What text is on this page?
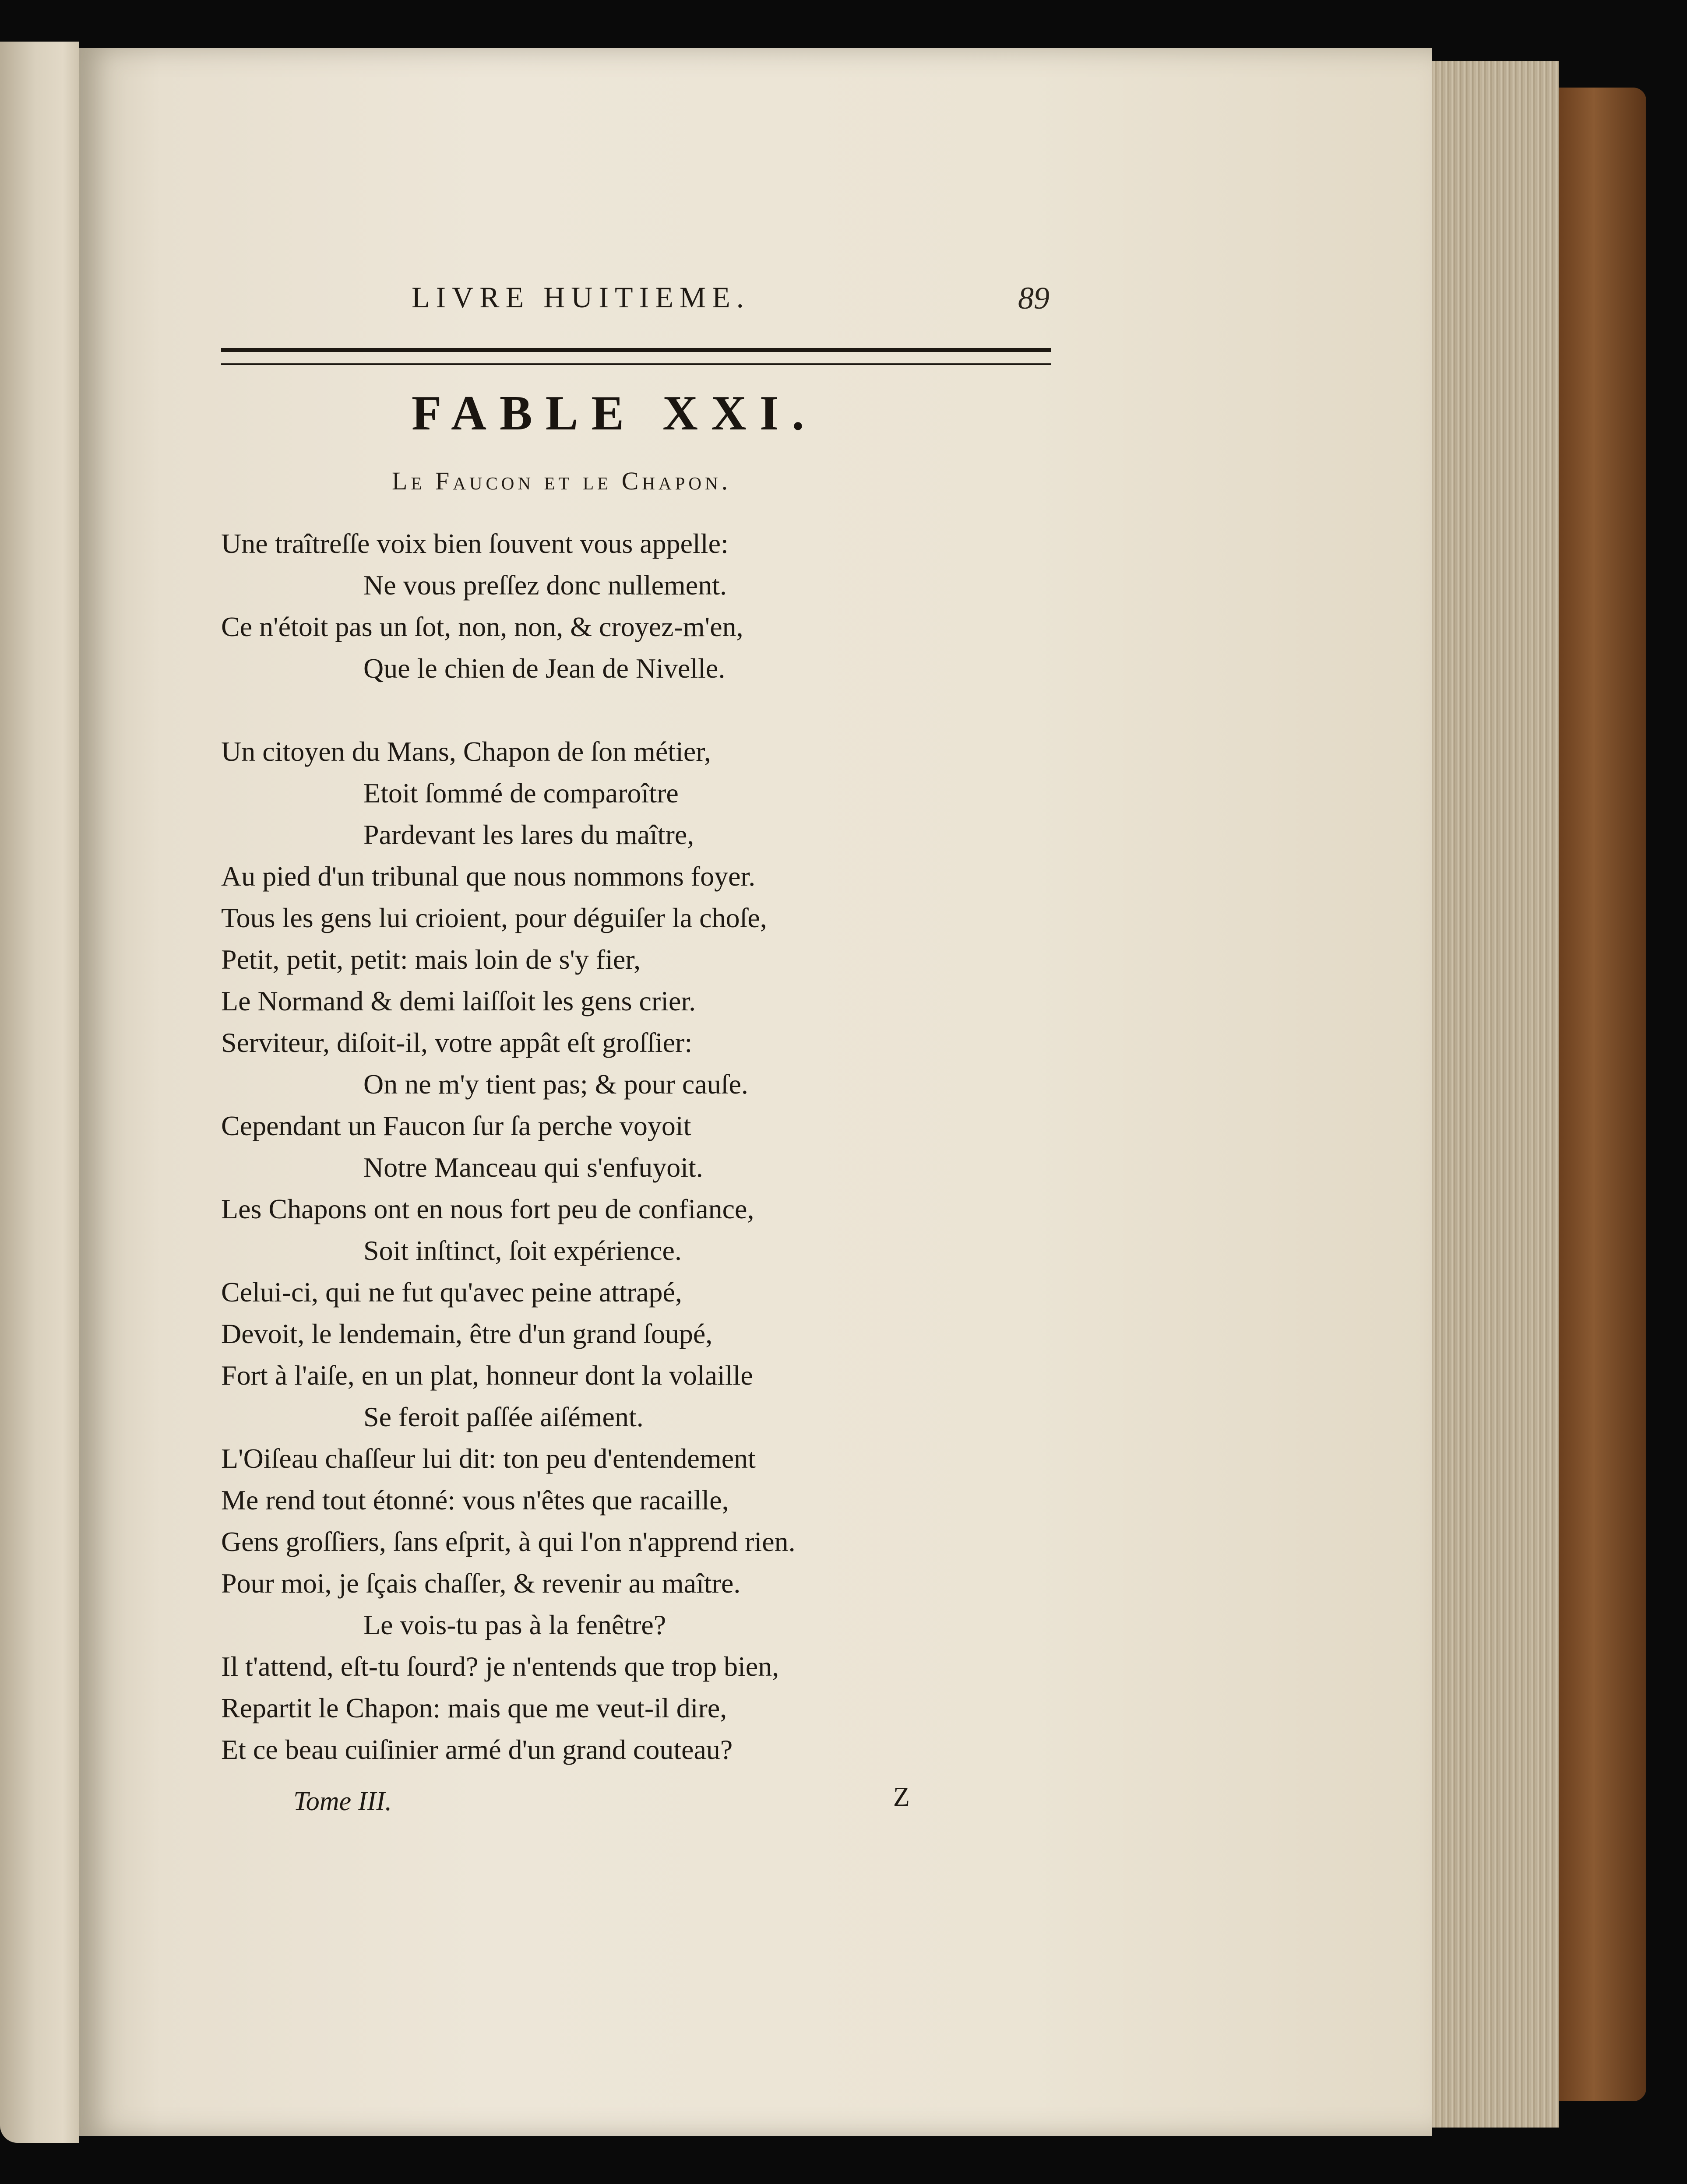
LIVRE HUITIEME.	89
FABLE XXI.
Le Faucon et le Chapon.
Une traîtreſſe voix bien ſouvent vous appelle:
Ne vous preſſez donc nullement.
Ce n'étoit pas un ſot, non, non, & croyez-m'en,
Que le chien de Jean de Nivelle.
Un citoyen du Mans, Chapon de ſon métier,
Etoit ſommé de comparoître
Pardevant les lares du maître,
Au pied d'un tribunal que nous nommons foyer.
Tous les gens lui crioient, pour déguiſer la choſe,
Petit, petit, petit: mais loin de s'y fier,
Le Normand & demi laiſſoit les gens crier.
Serviteur, diſoit-il, votre appât eſt groſſier:
On ne m'y tient pas; & pour cauſe.
Cependant un Faucon ſur ſa perche voyoit
Notre Manceau qui s'enfuyoit.
Les Chapons ont en nous fort peu de confiance,
Soit inſtinct, ſoit expérience.
Celui-ci, qui ne fut qu'avec peine attrapé,
Devoit, le lendemain, être d'un grand ſoupé,
Fort à l'aiſe, en un plat, honneur dont la volaille
Se feroit paſſée aiſément.
L'Oiſeau chaſſeur lui dit: ton peu d'entendement
Me rend tout étonné: vous n'êtes que racaille,
Gens groſſiers, ſans eſprit, à qui l'on n'apprend rien.
Pour moi, je ſçais chaſſer, & revenir au maître.
Le vois-tu pas à la fenêtre?
Il t'attend, eſt-tu ſourd? je n'entends que trop bien,
Repartit le Chapon: mais que me veut-il dire,
Et ce beau cuiſinier armé d'un grand couteau?
Tome III.	Z
